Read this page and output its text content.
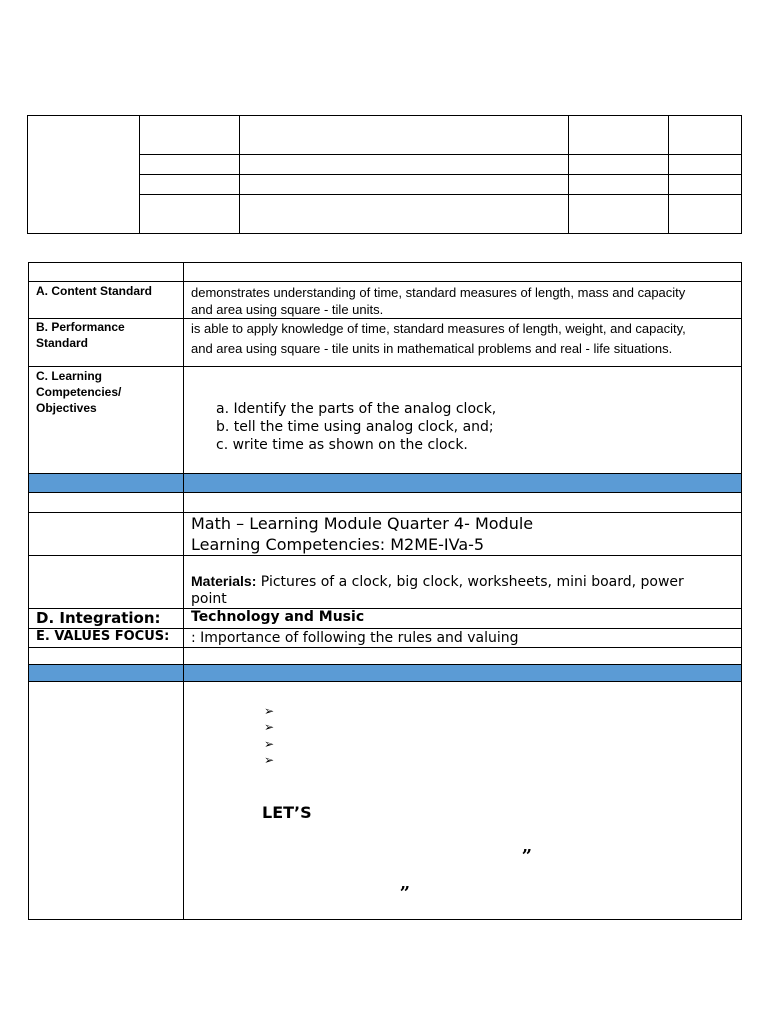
A. Content Standard	demonstrates understanding of time, standard measures of length, mass and capacity
and area using square - tile units.
B. Performance
Standard
is able to apply knowledge of time, standard measures of length, weight, and capacity,
and area using square - tile units in mathematical problems and real - life situations.
C. Learning
Competencies/
Objectives	a. Identify the parts of the analog clock,
b. tell the time using analog clock, and;
c. write time as shown on the clock.
Math – Learning Module Quarter 4- Module
Learning Competencies: M2ME-IVa-5
Materials: Pictures of a clock, big clock, worksheets, mini board, power
point
D. Integration: Technology and Music
E. VALUES FOCUS: : Importance of following the rules and valuing
➢
➢
➢
➢
LET’S
„
„
